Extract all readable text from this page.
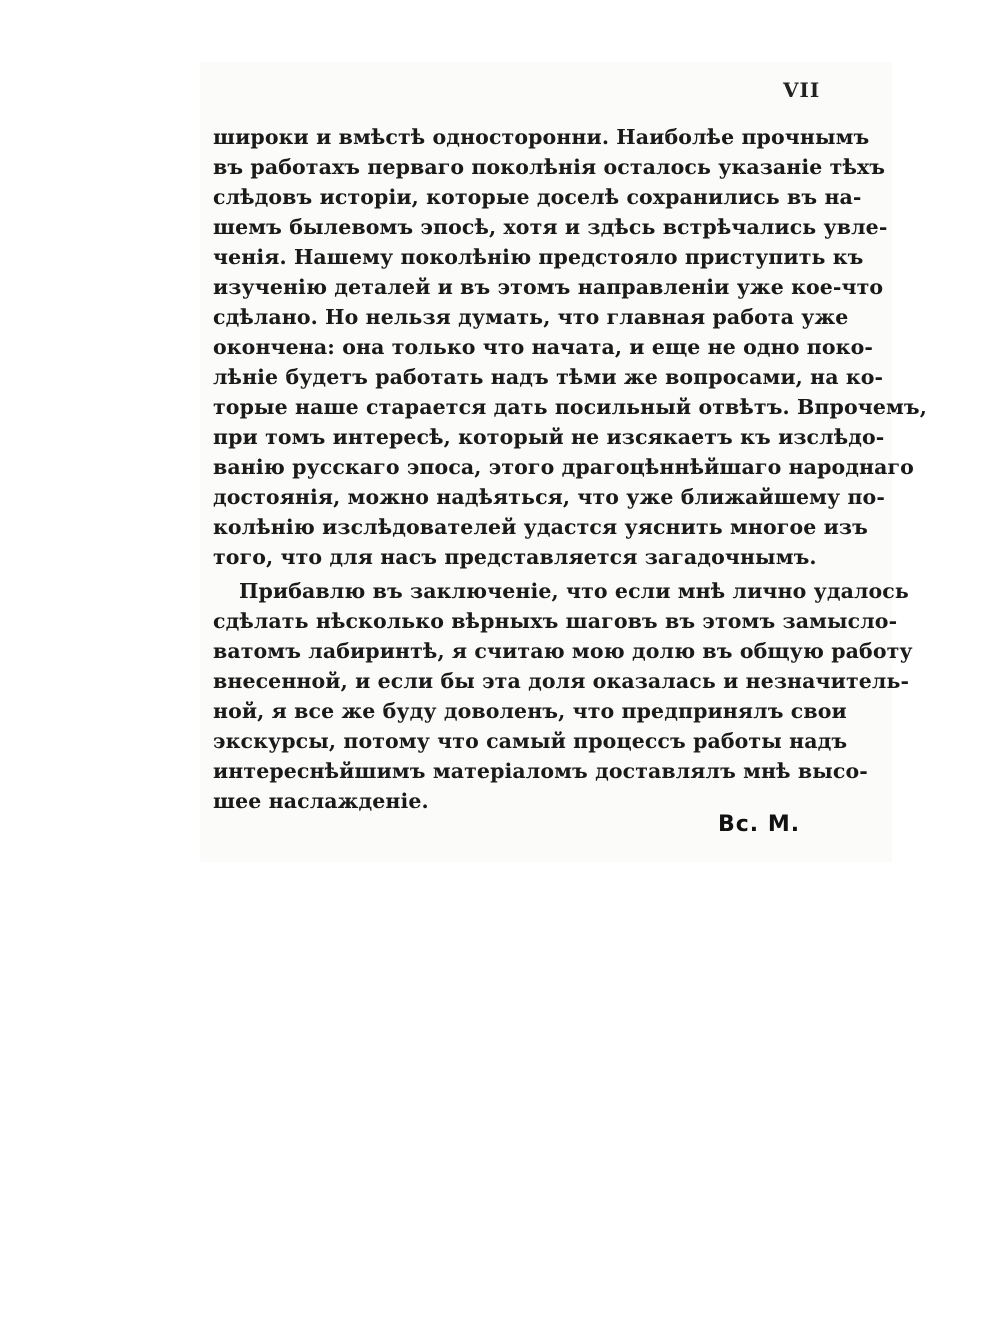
VII
широки и вмѣстѣ односторонни. Наиболѣе прочнымъ
въ работахъ перваго поколѣнія осталось указаніе тѣхъ
слѣдовъ исторіи, которые доселѣ сохранились въ на-
шемъ былевомъ эпосѣ, хотя и здѣсь встрѣчались увле-
ченія. Нашему поколѣнію предстояло приступить къ
изученію деталей и въ этомъ направленіи уже кое-что
сдѣлано. Но нельзя думать, что главная работа уже
окончена: она только что начата, и еще не одно поко-
лѣніе будетъ работать надъ тѣми же вопросами, на ко-
торые наше старается дать посильный отвѣтъ. Впрочемъ,
при томъ интересѣ, который не изсякаетъ къ изслѣдо-
ванію русскаго эпоса, этого драгоцѣннѣйшаго народнаго
достоянія, можно надѣяться, что уже ближайшему по-
колѣнію изслѣдователей удастся уяснить многое изъ
того, что для насъ представляется загадочнымъ.
Прибавлю въ заключеніе, что если мнѣ лично удалось
сдѣлать нѣсколько вѣрныхъ шаговъ въ этомъ замысло-
ватомъ лабиринтѣ, я считаю мою долю въ общую работу
внесенной, и если бы эта доля оказалась и незначитель-
ной, я все же буду доволенъ, что предпринялъ свои
экскурсы, потому что самый процессъ работы надъ
интереснѣйшимъ матеріаломъ доставлялъ мнѣ высо-
шее наслажденіе.
Вс. М.
